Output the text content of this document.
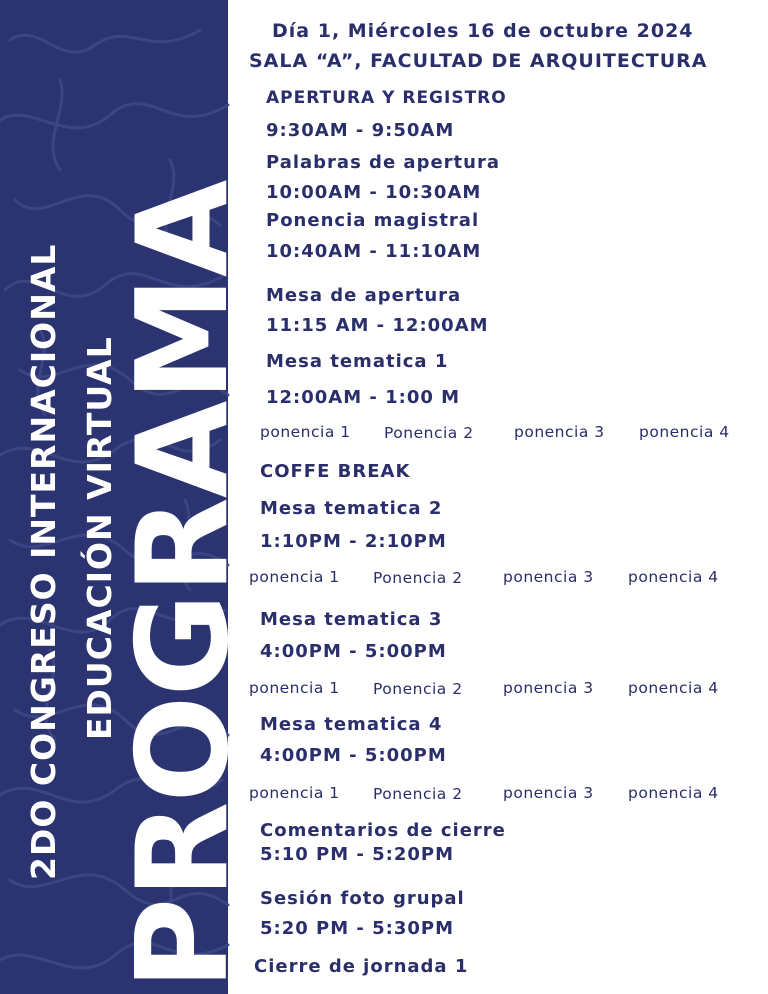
2DO CONGRESO INTERNACIONAL EDUCACIÓN VIRTUAL
PROGRAMA
Día 1, Miércoles 16 de octubre 2024
SALA “A”, FACULTAD DE ARQUITECTURA
APERTURA Y REGISTRO
9:30AM - 9:50AM
Palabras de apertura
10:00AM - 10:30AM
Ponencia magistral
10:40AM - 11:10AM
Mesa de apertura
11:15 AM - 12:00AM
Mesa tematica 1
12:00AM - 1:00 M
ponencia 1 Ponencia 2	ponencia 3 ponencia 4
COFFE BREAK
Mesa tematica 2
1:10PM - 2:10PM
ponencia 1 Ponencia 2	ponencia 3 ponencia 4
Mesa tematica 3
4:00PM - 5:00PM
ponencia 1 Ponencia 2	ponencia 3 ponencia 4
Mesa tematica 4
4:00PM - 5:00PM
ponencia 1 Ponencia 2	ponencia 3 ponencia 4
Comentarios de cierre
5:10 PM - 5:20PM
Sesión foto grupal
5:20 PM - 5:30PM
Cierre de jornada 1
